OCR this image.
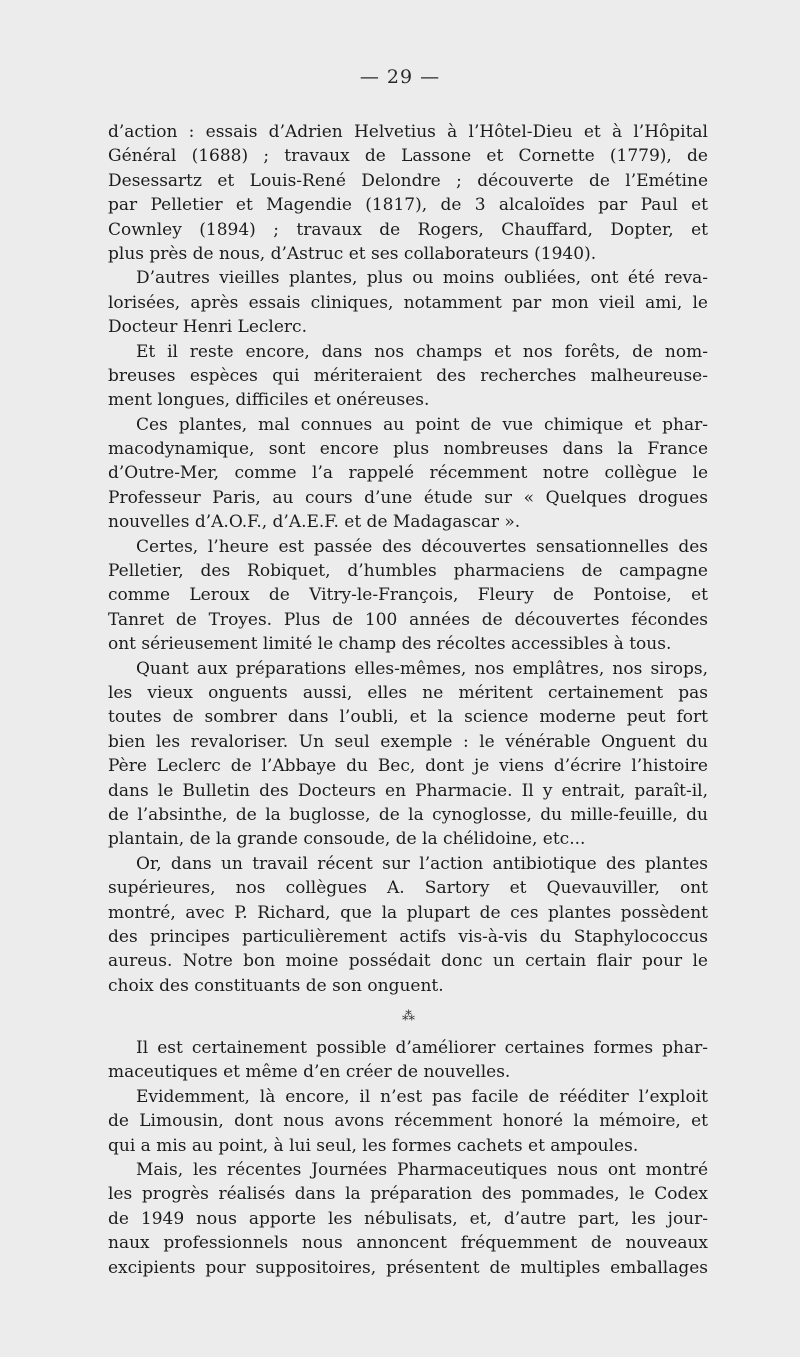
— 29 —
d’action : essais d’Adrien Helvetius à l’Hôtel-Dieu et à l’Hôpital
Général (1688) ; travaux de Lassone et Cornette (1779), de
Desessartz et Louis-René Delondre ; découverte de l’Emétine
par Pelletier et Magendie (1817), de 3 alcaloïdes par Paul et
Cownley (1894) ; travaux de Rogers, Chauffard, Dopter, et
plus près de nous, d’Astruc et ses collaborateurs (1940).
D’autres vieilles plantes, plus ou moins oubliées, ont été reva-
lorisées, après essais cliniques, notamment par mon vieil ami, le
Docteur Henri Leclerc.
Et il reste encore, dans nos champs et nos forêts, de nom-
breuses espèces qui mériteraient des recherches malheureuse-
ment longues, difficiles et onéreuses.
Ces plantes, mal connues au point de vue chimique et phar-
macodynamique, sont encore plus nombreuses dans la France
d’Outre-Mer, comme l’a rappelé récemment notre collègue le
Professeur Paris, au cours d’une étude sur « Quelques drogues
nouvelles d’A.O.F., d’A.E.F. et de Madagascar ».
Certes, l’heure est passée des découvertes sensationnelles des
Pelletier, des Robiquet, d’humbles pharmaciens de campagne
comme Leroux de Vitry-le-François, Fleury de Pontoise, et
Tanret de Troyes. Plus de 100 années de découvertes fécondes
ont sérieusement limité le champ des récoltes accessibles à tous.
Quant aux préparations elles-mêmes, nos emplâtres, nos sirops,
les vieux onguents aussi, elles ne méritent certainement pas
toutes de sombrer dans l’oubli, et la science moderne peut fort
bien les revaloriser. Un seul exemple : le vénérable Onguent du
Père Leclerc de l’Abbaye du Bec, dont je viens d’écrire l’histoire
dans le Bulletin des Docteurs en Pharmacie. Il y entrait, paraît-il,
de l’absinthe, de la buglosse, de la cynoglosse, du mille-feuille, du
plantain, de la grande consoude, de la chélidoine, etc...
Or, dans un travail récent sur l’action antibiotique des plantes
supérieures, nos collègues A. Sartory et Quevauviller, ont
montré, avec P. Richard, que la plupart de ces plantes possèdent
des principes particulièrement actifs vis-à-vis du Staphylococcus
aureus. Notre bon moine possédait donc un certain flair pour le
choix des constituants de son onguent.
⁂
Il est certainement possible d’améliorer certaines formes phar-
maceutiques et même d’en créer de nouvelles.
Evidemment, là encore, il n’est pas facile de rééditer l’exploit
de Limousin, dont nous avons récemment honoré la mémoire, et
qui a mis au point, à lui seul, les formes cachets et ampoules.
Mais, les récentes Journées Pharmaceutiques nous ont montré
les progrès réalisés dans la préparation des pommades, le Codex
de 1949 nous apporte les nébulisats, et, d’autre part, les jour-
naux professionnels nous annoncent fréquemment de nouveaux
excipients pour suppositoires, présentent de multiples emballages
